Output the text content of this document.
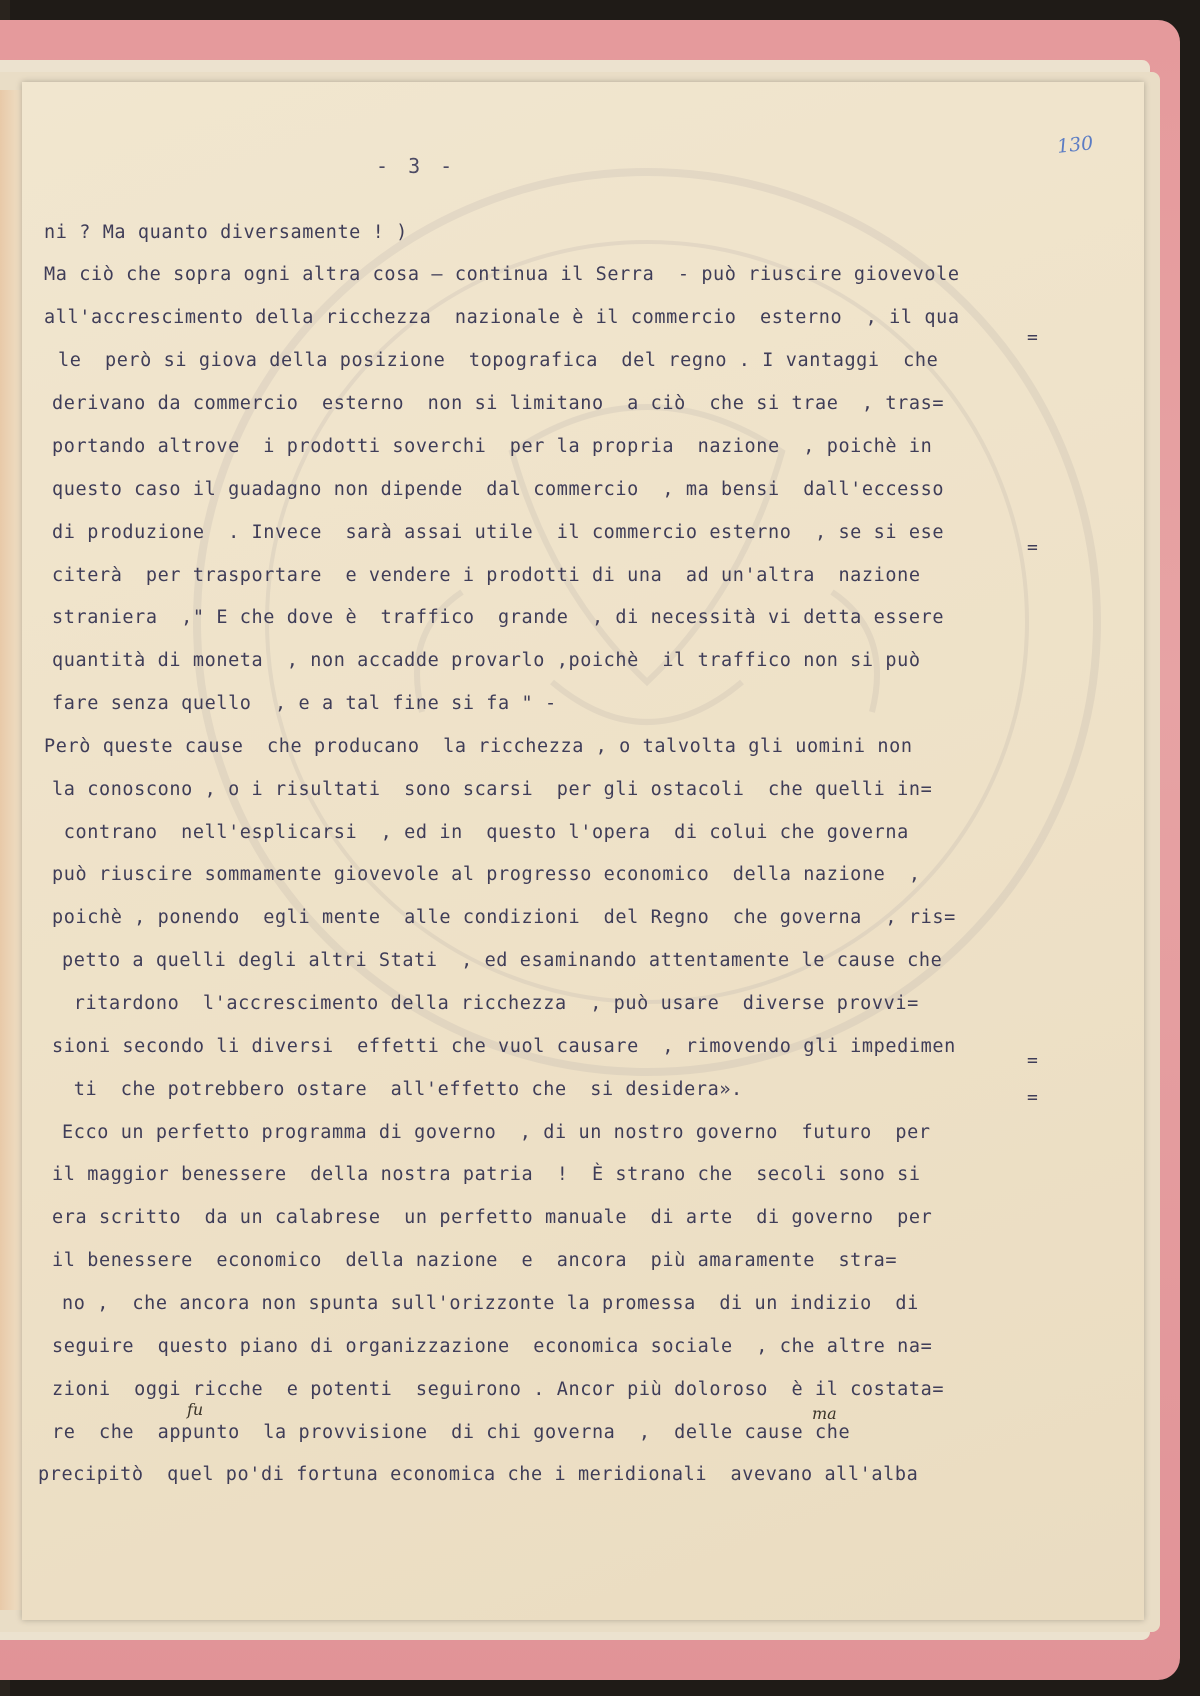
- 3 -
130
ni ? Ma quanto diversamente ! )
Ma ciò che sopra ogni altra cosa — continua il Serra  - può riuscire giovevole
all'accrescimento della ricchezza  nazionale è il commercio  esterno  , il qua
le  però si giova della posizione  topografica  del regno . I vantaggi  che
derivano da commercio  esterno  non si limitano  a ciò  che si trae  , tras=
portando altrove  i prodotti soverchi  per la propria  nazione  , poichè in
questo caso il guadagno non dipende  dal commercio  , ma bensi  dall'eccesso
di produzione  . Invece  sarà assai utile  il commercio esterno  , se si ese
citerà  per trasportare  e vendere i prodotti di una  ad un'altra  nazione
straniera  ," E che dove è  traffico  grande  , di necessità vi detta essere
quantità di moneta  , non accadde provarlo ,poichè  il traffico non si può
fare senza quello  , e a tal fine si fa " -
Però queste cause  che producano  la ricchezza , o talvolta gli uomini non
la conoscono , o i risultati  sono scarsi  per gli ostacoli  che quelli in=
contrano  nell'esplicarsi  , ed in  questo l'opera  di colui che governa
può riuscire sommamente giovevole al progresso economico  della nazione  ,
poichè , ponendo  egli mente  alle condizioni  del Regno  che governa  , ris=
petto a quelli degli altri Stati  , ed esaminando attentamente le cause che
ritardono  l'accrescimento della ricchezza  , può usare  diverse provvi=
sioni secondo li diversi  effetti che vuol causare  , rimovendo gli impedimen
ti  che potrebbero ostare  all'effetto che  si desidera».
Ecco un perfetto programma di governo  , di un nostro governo  futuro  per
il maggior benessere  della nostra patria  !  È strano che  secoli sono si
era scritto  da un calabrese  un perfetto manuale  di arte  di governo  per
il benessere  economico  della nazione  e  ancora  più amaramente  stra=
no ,  che ancora non spunta sull'orizzonte la promessa  di un indizio  di
seguire  questo piano di organizzazione  economica sociale  , che altre na=
zioni  oggi ricche  e potenti  seguirono . Ancor più doloroso  è il costata=
re  che  appunto  la provvisione  di chi governa  ,  delle cause che
precipitò  quel po'di fortuna economica che i meridionali  avevano all'alba
=
=
=
=
fu	ma
